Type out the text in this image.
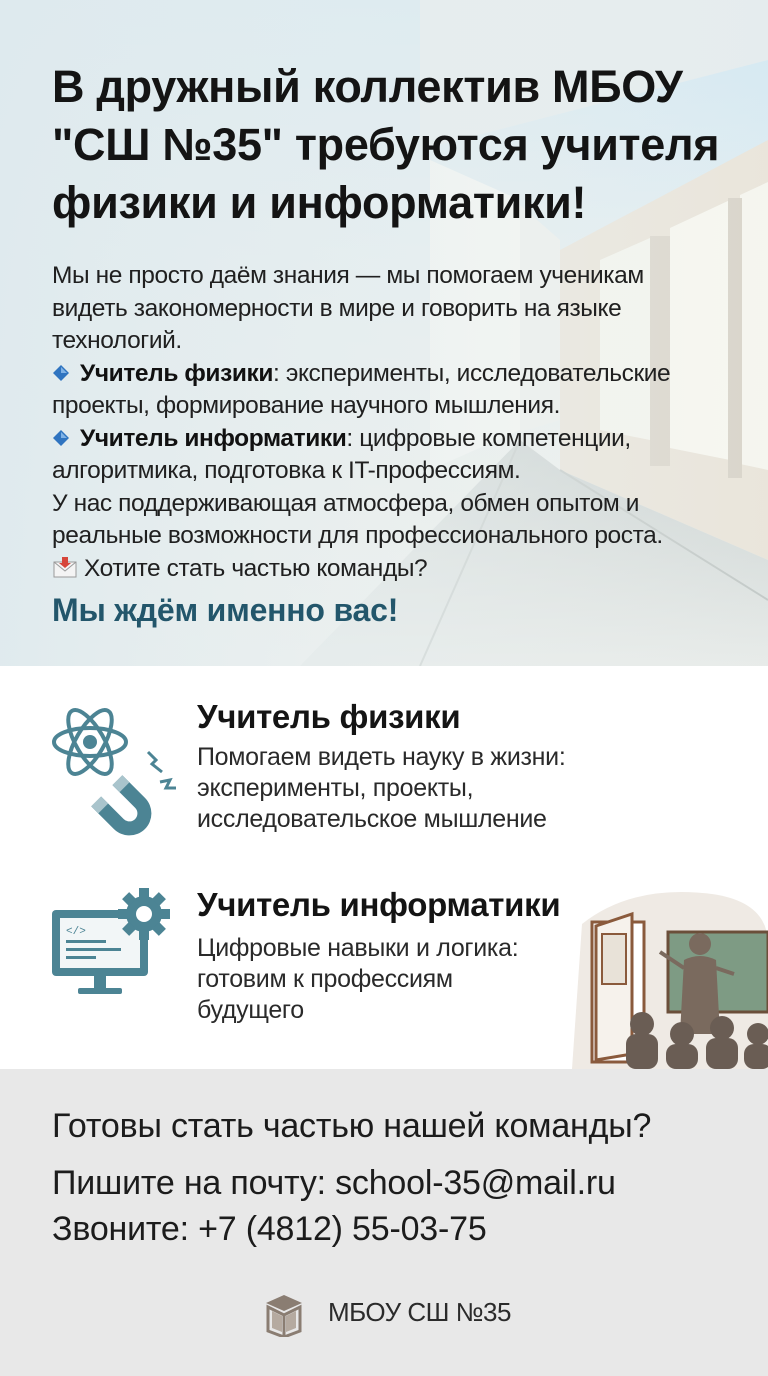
В дружный коллектив МБОУ
"СШ №35" требуются учителя
физики и информатики!

Мы не просто даём знания — мы помогаем ученикам

видеть закономерности в мире и говорить на языке

технологий.

Учитель физики: эксперименты, исследовательские

проекты, формирование научного мышления.

Учитель информатики: цифровые компетенции,

алгоритмика, подготовка к IT-профессиям.

У нас поддерживающая атмосфера, обмен опытом и

реальные возможности для профессионального роста.

Хотите стать частью команды?

Мы ждём именно вас!
Учитель физики
Помогаем видеть науку в жизни:
эксперименты, проекты,
исследовательское мышление
</>
Учитель информатики
Цифровые навыки и логика:
готовим к профессиям
будущего
Готовы стать частью нашей команды?
Пишите на почту: school-35@mail.ru
Звоните: +7 (4812) 55-03-75
МБОУ СШ №35
